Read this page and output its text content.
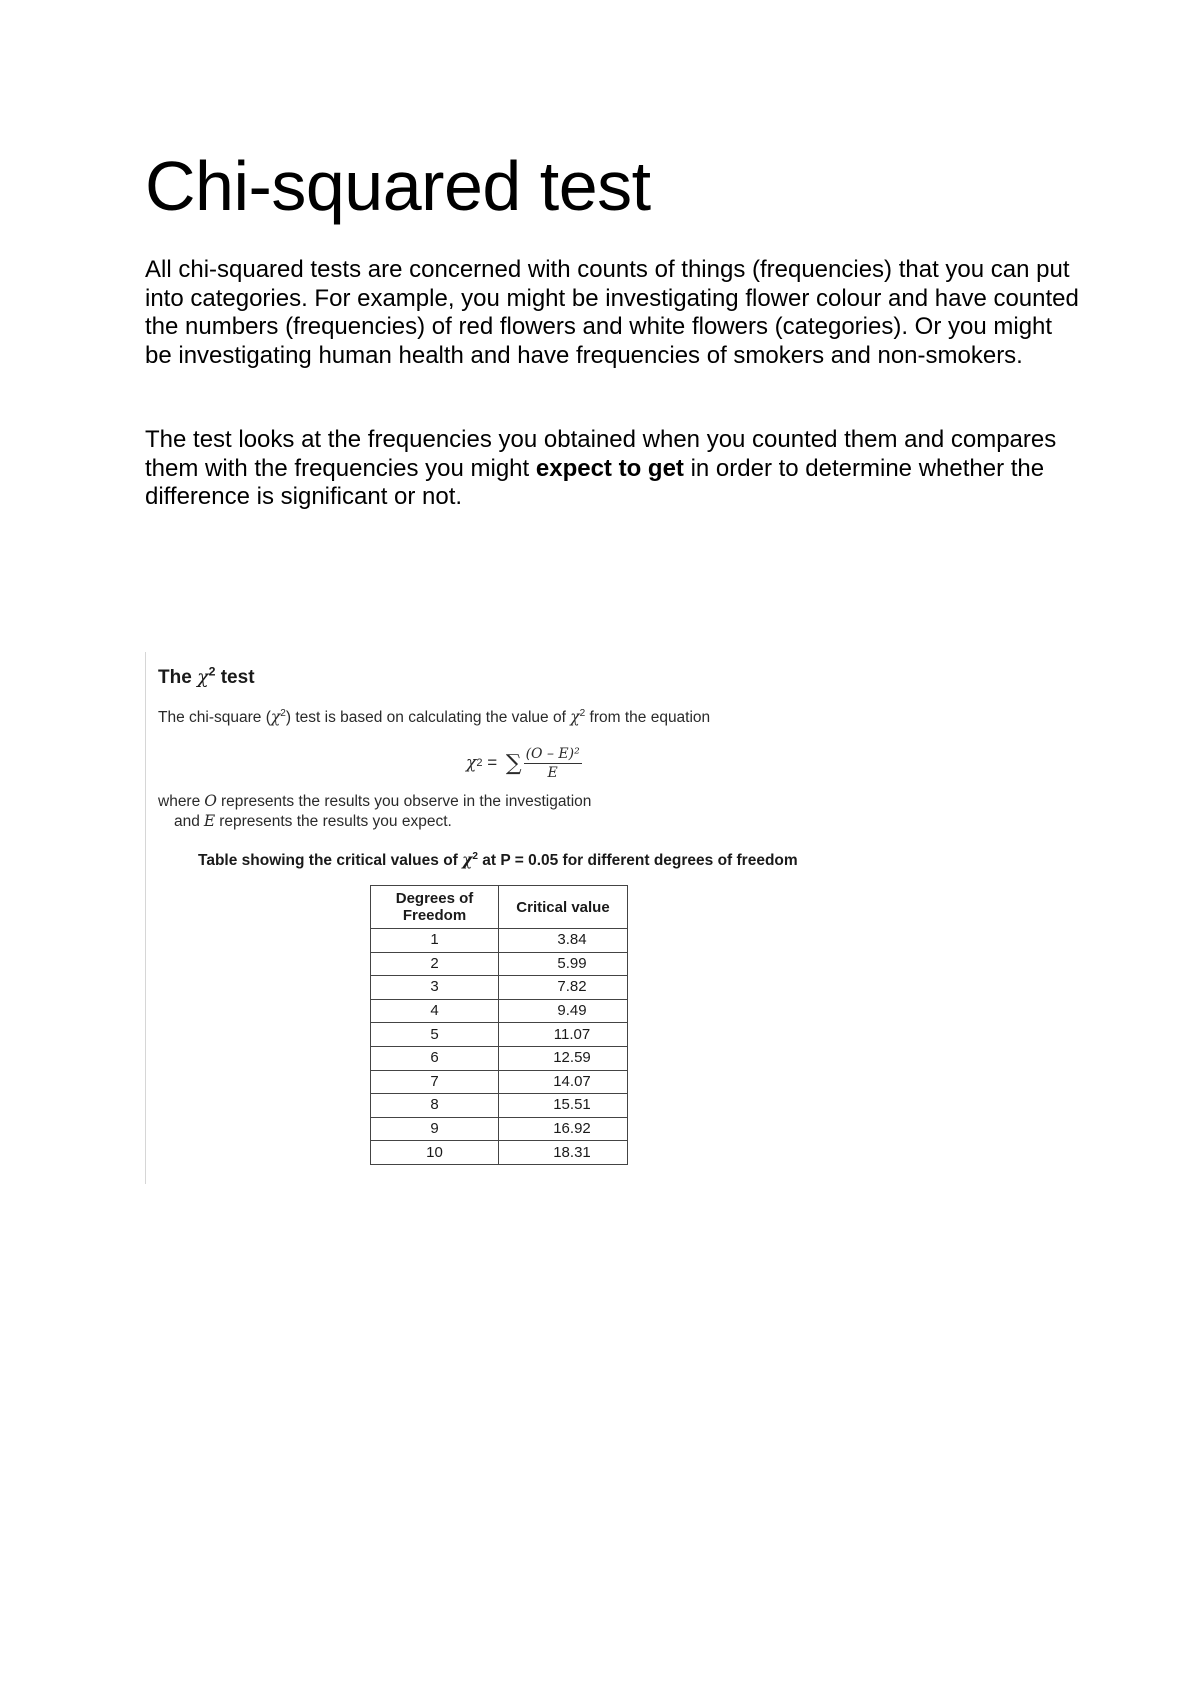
Chi-squared test

All chi-squared tests are concerned with counts of things (frequencies) that you can put into categories. For example, you might be investigating flower colour and have counted the numbers (frequencies) of red flowers and white flowers (categories). Or you might be investigating human health and have frequencies of smokers and non-smokers.

The test looks at the frequencies you obtained when you counted them and compares them with the frequencies you might expect to get in order to determine whether the difference is significant or not.

The $\chi^2$ test

The chi-square $(\chi^2)$ test is based on calculating the value of $\chi^2$ from the equation

χ 2 = ∑ $\frac{\text{(O – E)²}}{E}$

where O represents the results you observe in the investigation

and E represents the results you expect.

Table showing the critical values of $\chi^2$ at P = 0.05 for different degrees of freedom

Degrees of
Freedom	Critical value
1	3.84
2	5.99
3	7.82
4	9.49
5	11.07
6	12.59
7	14.07
8	15.51
9	16.92
10	18.31
